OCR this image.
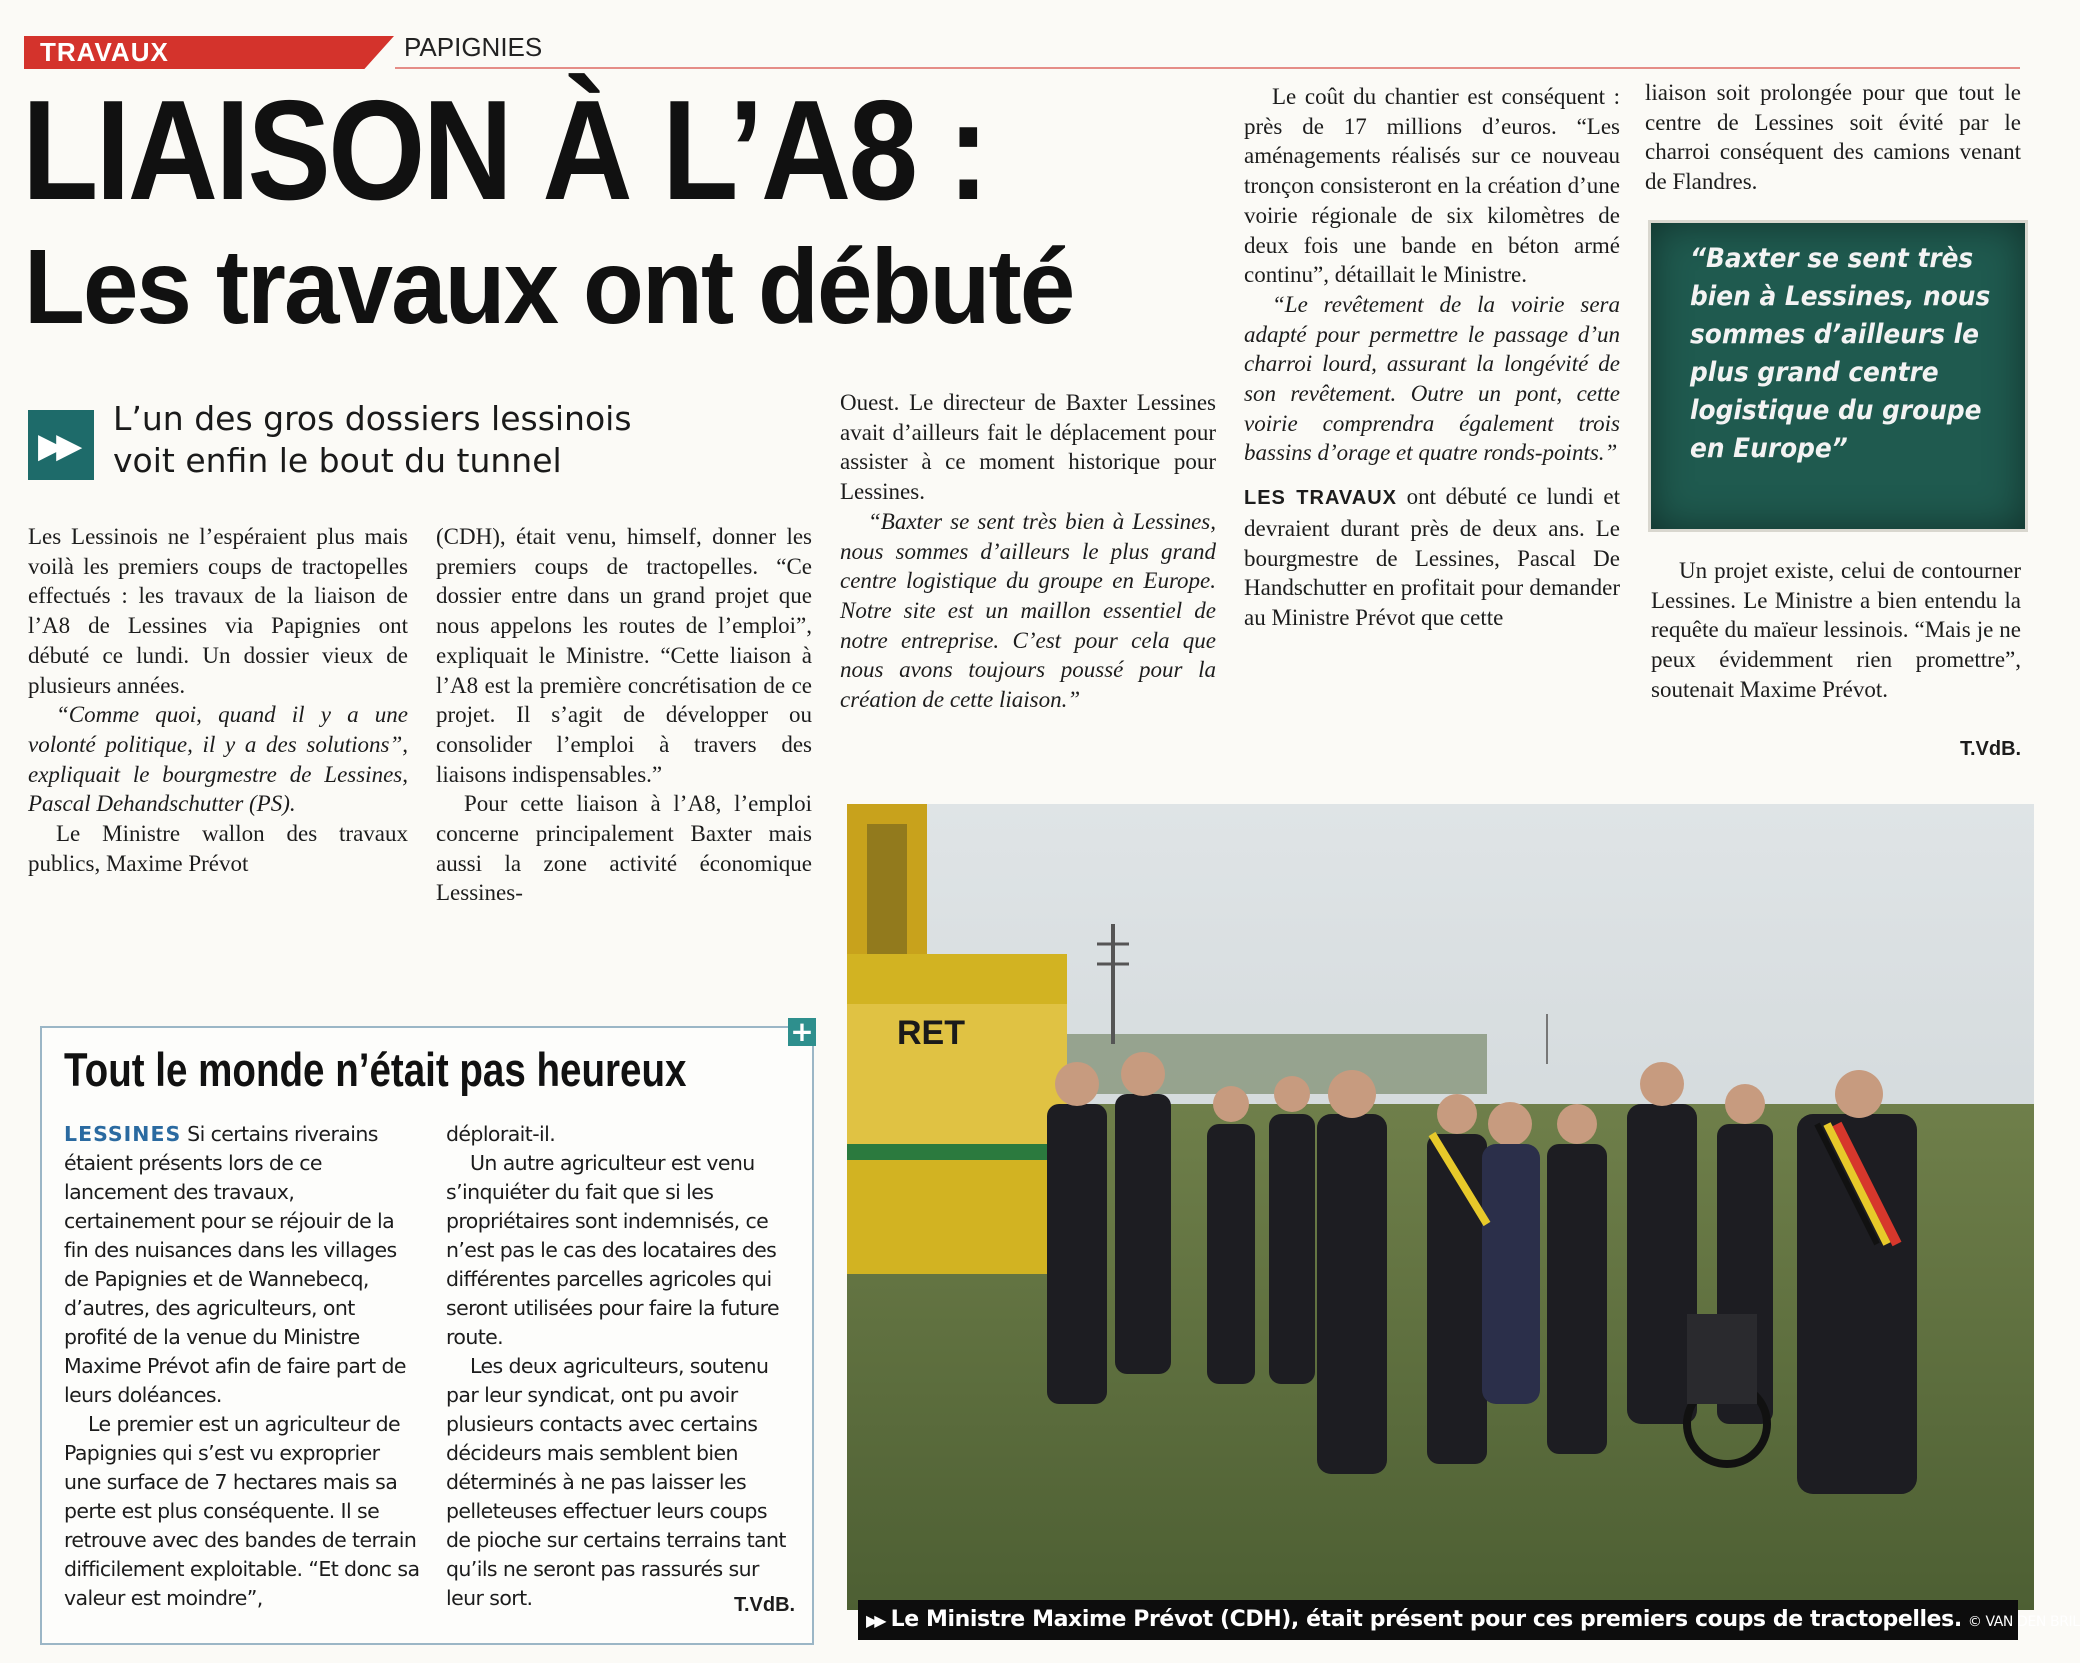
TRAVAUX	PAPIGNIES
LIAISON À L’A8 :
Les travaux ont débuté
▶▶
L’un des gros dossiers lessinois
voit enfin le bout du tunnel

Les Lessinois ne l’espéraient plus mais voilà les premiers coups de tractopelles effectués : les travaux de la liaison de l’A8 de Lessines via Papignies ont débuté ce lundi. Un dossier vieux de plusieurs années.

“Comme quoi, quand il y a une volonté politique, il y a des solutions”, expliquait le bourgmestre de Lessines, Pascal Dehandschutter (PS).

Le Ministre wallon des travaux publics, Maxime Prévot

(CDH), était venu, himself, donner les premiers coups de tractopelles. “Ce dossier entre dans un grand projet que nous appelons les routes de l’emploi”, expliquait le Ministre. “Cette liaison à l’A8 est la première concrétisation de ce projet. Il s’agit de développer ou consolider l’emploi à travers des liaisons indispensables.”

Pour cette liaison à l’A8, l’emploi concerne principalement Baxter mais aussi la zone activité économique Lessines-

Ouest. Le directeur de Baxter Lessines avait d’ailleurs fait le déplacement pour assister à ce moment historique pour Lessines.

“Baxter se sent très bien à Lessines, nous sommes d’ailleurs le plus grand centre logistique du groupe en Europe. Notre site est un maillon essentiel de notre entreprise. C’est pour cela que nous avons toujours poussé pour la création de cette liaison.”

Le coût du chantier est conséquent : près de 17 millions d’euros. “Les aménagements réalisés sur ce nouveau tronçon consisteront en la création d’une voirie régionale de six kilomètres de deux fois une bande en béton armé continu”, détaillait le Ministre.

“Le revêtement de la voirie sera adapté pour permettre le passage d’un charroi lourd, assurant la longévité de son revêtement. Outre un pont, cette voirie comprendra également trois bassins d’orage et quatre ronds-points.”

LES TRAVAUX ont débuté ce lundi et devraient durant près de deux ans. Le bourgmestre de Lessines, Pascal De Handschutter en profitait pour demander au Ministre Prévot que cette

liaison soit prolongée pour que tout le centre de Lessines soit évité par le charroi conséquent des camions venant de Flandres.

“Baxter se sent très bien à Lessines, nous sommes d’ailleurs le plus grand centre logistique du groupe en Europe”

Un projet existe, celui de contourner Lessines. Le Ministre a bien entendu la requête du maïeur lessinois. “Mais je ne peux évidemment rien promettre”, soutenait Maxime Prévot.

T.VdB.
+
Tout le monde n’était pas heureux

LESSINES Si certains riverains étaient présents lors de ce lancement des travaux, certainement pour se réjouir de la fin des nuisances dans les villages de Papignies et de Wannebecq, d’autres, des agriculteurs, ont profité de la venue du Ministre Maxime Prévot afin de faire part de leurs doléances.

Le premier est un agriculteur de Papignies qui s’est vu exproprier une surface de 7 hectares mais sa perte est plus conséquente. Il se retrouve avec des bandes de terrain difficilement exploitable. “Et donc sa valeur est moindre”,

déplorait-il.

Un autre agriculteur est venu s’inquiéter du fait que si les propriétaires sont indemnisés, ce n’est pas le cas des locataires des différentes parcelles agricoles qui seront utilisées pour faire la future route.

Les deux agriculteurs, soutenu par leur syndicat, ont pu avoir plusieurs contacts avec certains décideurs mais semblent bien déterminés à ne pas laisser les pelleteuses effectuer leurs coups de pioche sur certains terrains tant qu’ils ne seront pas rassurés sur leur sort.	T.VdB.
RET
▶▶ Le Ministre Maxime Prévot (CDH), était présent pour ces premiers coups de tractopelles. © VAN DEN BRIL
